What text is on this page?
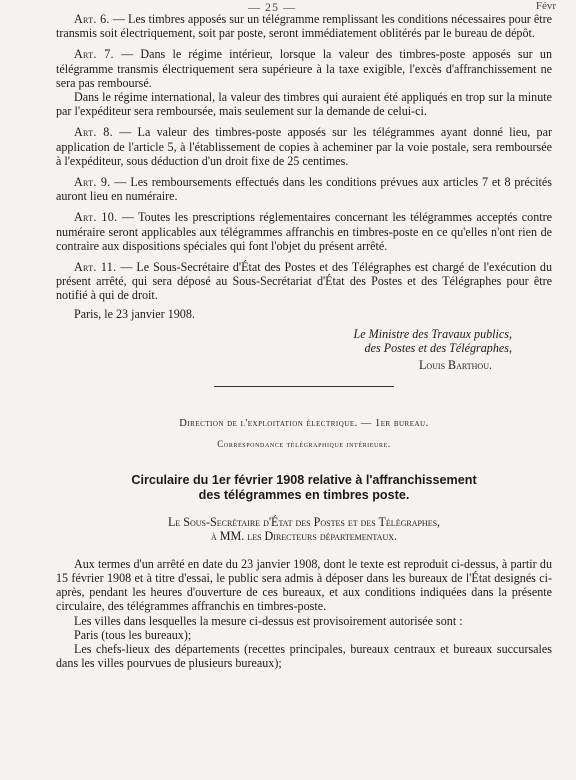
— 25 —	Févr

Art. 6. — Les timbres apposés sur un télégramme remplissant les conditions nécessaires pour être transmis soit électriquement, soit par poste, seront immédiatement oblitérés par le bureau de dépôt.

Art. 7. — Dans le régime intérieur, lorsque la valeur des timbres-poste apposés sur un télégramme transmis électriquement sera supérieure à la taxe exigible, l'excès d'affranchissement ne sera pas remboursé.

Dans le régime international, la valeur des timbres qui auraient été appliqués en trop sur la minute par l'expéditeur sera remboursée, mais seulement sur la demande de celui-ci.

Art. 8. — La valeur des timbres-poste apposés sur les télégrammes ayant donné lieu, par application de l'article 5, à l'établissement de copies à acheminer par la voie postale, sera remboursée à l'expéditeur, sous déduction d'un droit fixe de 25 centimes.

Art. 9. — Les remboursements effectués dans les conditions prévues aux articles 7 et 8 précités auront lieu en numéraire.

Art. 10. — Toutes les prescriptions réglementaires concernant les télégrammes acceptés contre numéraire seront applicables aux télégrammes affranchis en timbres-poste en ce qu'elles n'ont rien de contraire aux dispositions spéciales qui font l'objet du présent arrêté.

Art. 11. — Le Sous-Secrétaire d'État des Postes et des Télégraphes est chargé de l'exécution du présent arrêté, qui sera déposé au Sous-Secrétariat d'État des Postes et des Télégraphes pour être notifié à qui de droit.

Paris, le 23 janvier 1908.

Le Ministre des Travaux publics,

des Postes et des Télégraphes,

Louis Barthou.

Direction de l'exploitation électrique. — 1er bureau.
Correspondance télégraphique intérieure.
Circulaire du 1er février 1908 relative à l'affranchissement
des télégrammes en timbres poste.
Le Sous-Secrétaire d'État des Postes et des Télégraphes,
à MM. les Directeurs départementaux.

Aux termes d'un arrêté en date du 23 janvier 1908, dont le texte est reproduit ci-dessus, à partir du 15 février 1908 et à titre d'essai, le public sera admis à déposer dans les bureaux de l'État designés ci-après, pendant les heures d'ouverture de ces bureaux, et aux conditions indiquées dans la présente circulaire, des télégrammes affranchis en timbres-poste.

Les villes dans lesquelles la mesure ci-dessus est provisoirement autorisée sont :

Paris (tous les bureaux);

Les chefs-lieux des départements (recettes principales, bureaux centraux et bureaux succursales dans les villes pourvues de plusieurs bureaux);
